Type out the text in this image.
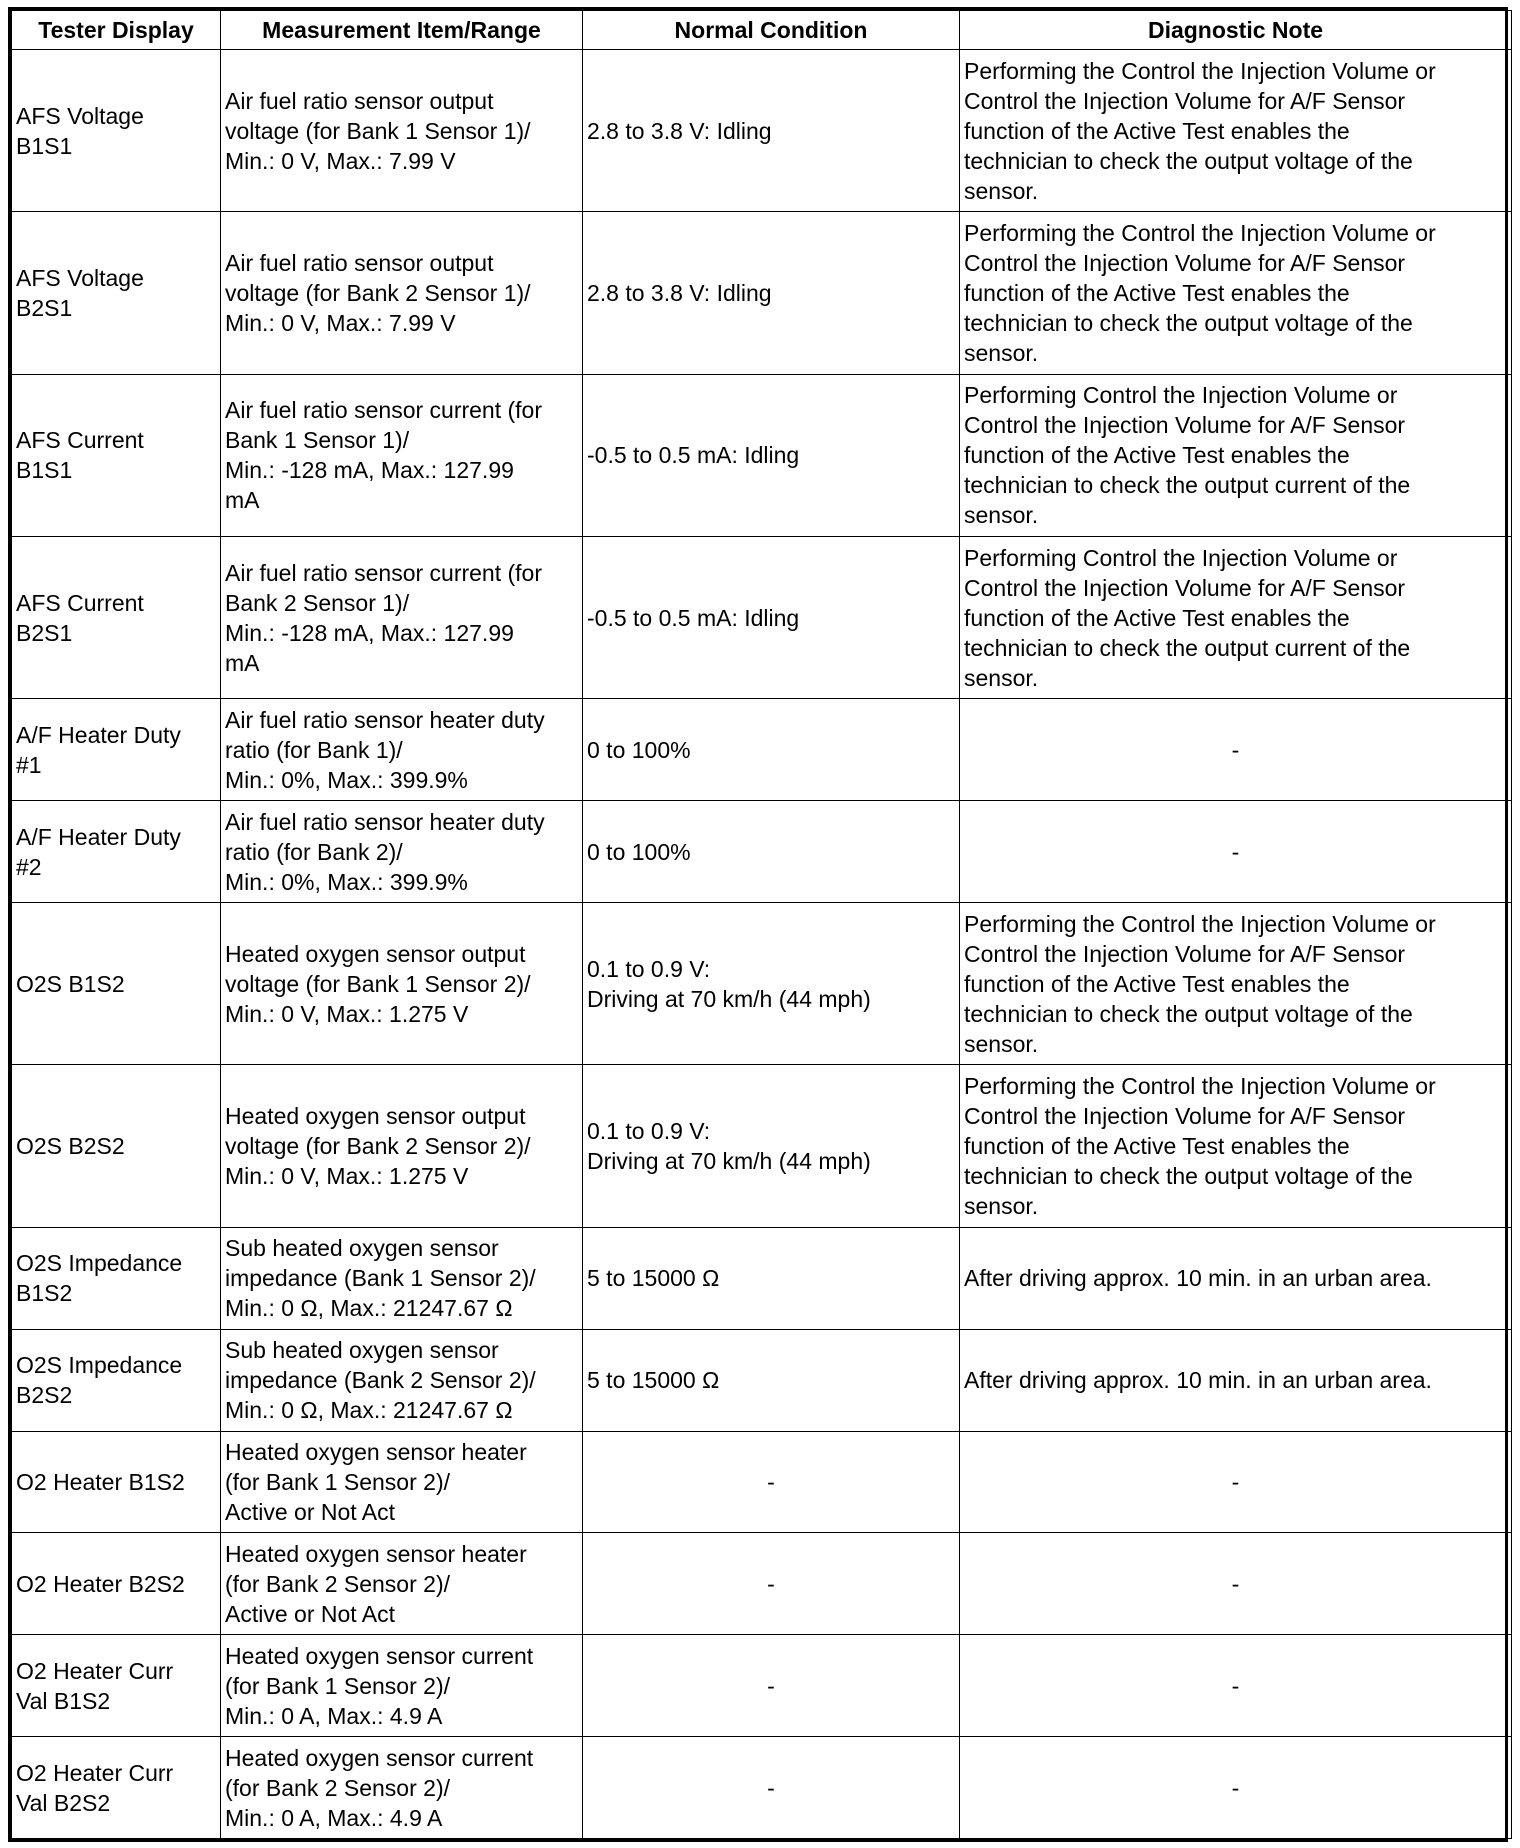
Tester Display	Measurement Item/Range	Normal Condition	Diagnostic Note

AFS Voltage
B1S1	Air fuel ratio sensor output
voltage (for Bank 1 Sensor 1)/
Min.: 0 V, Max.: 7.99 V	2.8 to 3.8 V: Idling	Performing the Control the Injection Volume or
Control the Injection Volume for A/F Sensor
function of the Active Test enables the
technician to check the output voltage of the
sensor.

AFS Voltage
B2S1	Air fuel ratio sensor output
voltage (for Bank 2 Sensor 1)/
Min.: 0 V, Max.: 7.99 V	2.8 to 3.8 V: Idling	Performing the Control the Injection Volume or
Control the Injection Volume for A/F Sensor
function of the Active Test enables the
technician to check the output voltage of the
sensor.

AFS Current
B1S1	Air fuel ratio sensor current (for
Bank 1 Sensor 1)/
Min.: -128 mA, Max.: 127.99
mA	-0.5 to 0.5 mA: Idling	Performing Control the Injection Volume or
Control the Injection Volume for A/F Sensor
function of the Active Test enables the
technician to check the output current of the
sensor.

AFS Current
B2S1	Air fuel ratio sensor current (for
Bank 2 Sensor 1)/
Min.: -128 mA, Max.: 127.99
mA	-0.5 to 0.5 mA: Idling	Performing Control the Injection Volume or
Control the Injection Volume for A/F Sensor
function of the Active Test enables the
technician to check the output current of the
sensor.

A/F Heater Duty
#1	Air fuel ratio sensor heater duty
ratio (for Bank 1)/
Min.: 0%, Max.: 399.9%	0 to 100%	-

A/F Heater Duty
#2	Air fuel ratio sensor heater duty
ratio (for Bank 2)/
Min.: 0%, Max.: 399.9%	0 to 100%	-

O2S B1S2	Heated oxygen sensor output
voltage (for Bank 1 Sensor 2)/
Min.: 0 V, Max.: 1.275 V	0.1 to 0.9 V:
Driving at 70 km/h (44 mph)	Performing the Control the Injection Volume or
Control the Injection Volume for A/F Sensor
function of the Active Test enables the
technician to check the output voltage of the
sensor.

O2S B2S2	Heated oxygen sensor output
voltage (for Bank 2 Sensor 2)/
Min.: 0 V, Max.: 1.275 V	0.1 to 0.9 V:
Driving at 70 km/h (44 mph)	Performing the Control the Injection Volume or
Control the Injection Volume for A/F Sensor
function of the Active Test enables the
technician to check the output voltage of the
sensor.

O2S Impedance
B1S2	Sub heated oxygen sensor
impedance (Bank 1 Sensor 2)/
Min.: 0 Ω, Max.: 21247.67 Ω	5 to 15000 Ω	After driving approx. 10 min. in an urban area.

O2S Impedance
B2S2	Sub heated oxygen sensor
impedance (Bank 2 Sensor 2)/
Min.: 0 Ω, Max.: 21247.67 Ω	5 to 15000 Ω	After driving approx. 10 min. in an urban area.

O2 Heater B1S2	Heated oxygen sensor heater
(for Bank 1 Sensor 2)/
Active or Not Act	-	-

O2 Heater B2S2	Heated oxygen sensor heater
(for Bank 2 Sensor 2)/
Active or Not Act	-	-

O2 Heater Curr
Val B1S2	Heated oxygen sensor current
(for Bank 1 Sensor 2)/
Min.: 0 A, Max.: 4.9 A	-	-

O2 Heater Curr
Val B2S2	Heated oxygen sensor current
(for Bank 2 Sensor 2)/
Min.: 0 A, Max.: 4.9 A	-	-
